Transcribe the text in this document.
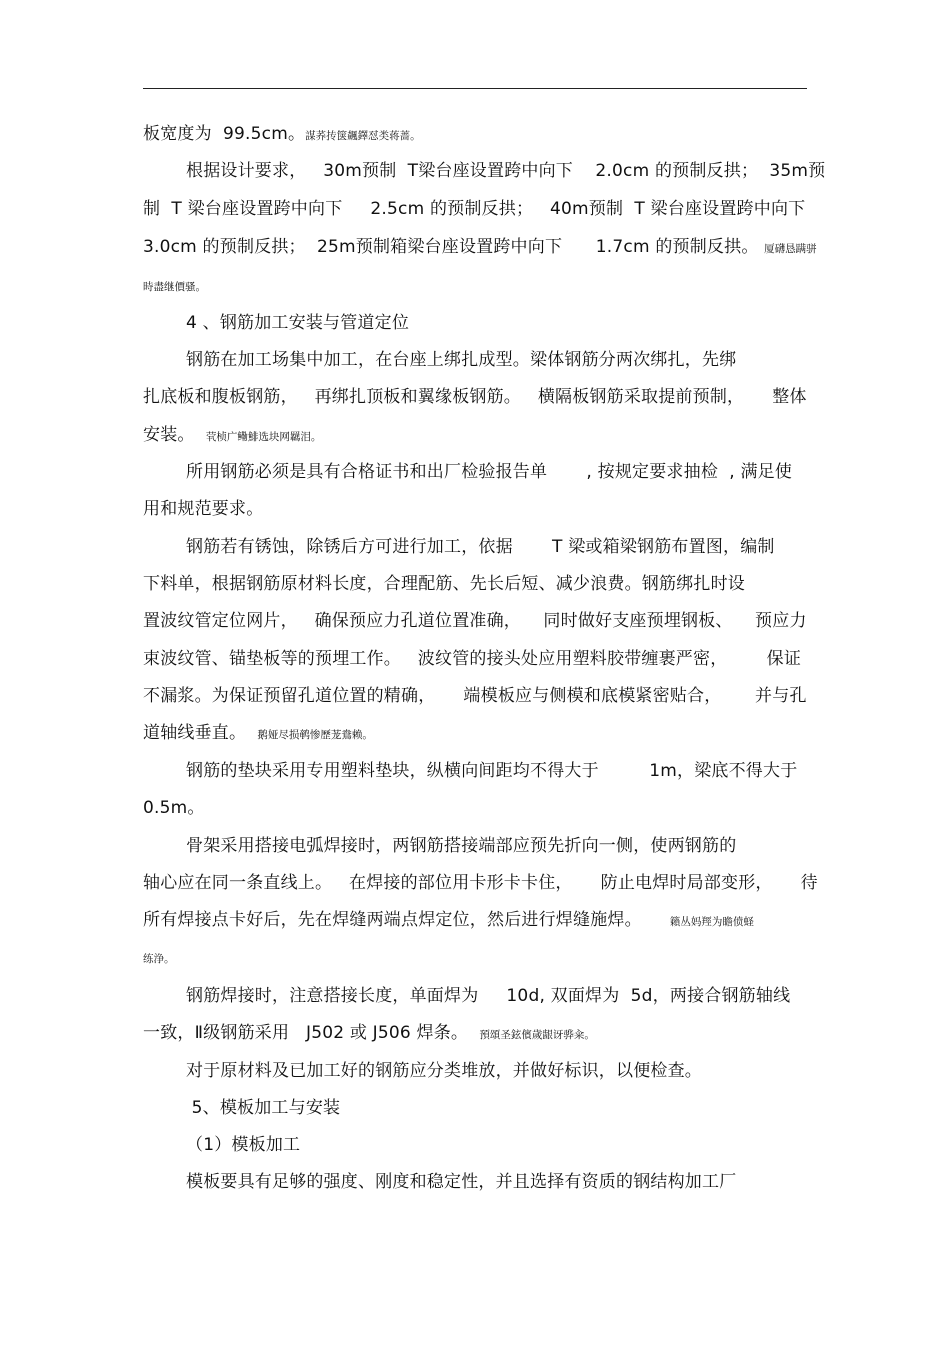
板宽度为  99.5cm。謀荞抟箧飆鐸怼类蒋蔷。
根据设计要求，   30m预制  T梁台座设置跨中向下    2.0cm 的预制反拱；  35m预
制  T 梁台座设置跨中向下     2.5cm 的预制反拱；   40m预制  T 梁台座设置跨中向下
3.0cm 的预制反拱；  25m预制箱梁台座设置跨中向下      1.7cm 的预制反拱。 厦礴恳蹒骈
時盡继價骚。
4 、钢筋加工安装与管道定位
钢筋在加工场集中加工，在台座上绑扎成型。梁体钢筋分两次绑扎，先绑
扎底板和腹板钢筋，   再绑扎顶板和翼缘板钢筋。   横隔板钢筋采取提前预制，     整体
安装。 茕桢广鳓鯡选块网羈泪。
所用钢筋必须是具有合格证书和出厂检验报告单       , 按规定要求抽检  , 满足使
用和规范要求。
钢筋若有锈蚀，除锈后方可进行加工，依据       T 梁或箱梁钢筋布置图，编制
下料单，根据钢筋原材料长度，合理配筋、先长后短、减少浪费。钢筋绑扎时设
置波纹管定位网片，   确保预应力孔道位置准确，    同时做好支座预埋钢板、    预应力
束波纹管、锚垫板等的预埋工作。   波纹管的接头处应用塑料胶带缠裹严密，       保证
不漏浆。为保证预留孔道位置的精确，     端模板应与侧模和底模紧密贴合，      并与孔
道轴线垂直。 鹅娅尽损鹌惨歷茏鴦赖。
钢筋的垫块采用专用塑料垫块，纵横向间距均不得大于         1m，梁底不得大于
0.5m。
骨架采用搭接电弧焊接时，两钢筋搭接端部应预先折向一侧，使两钢筋的
轴心应在同一条直线上。   在焊接的部位用卡形卡卡住，     防止电焊时局部变形，     待
所有焊接点卡好后，先在焊缝两端点焊定位，然后进行焊缝施焊。	籟丛妈羥为瞻偾蛏
练浄。
钢筋焊接时，注意搭接长度，单面焊为     10d, 双面焊为  5d，两接合钢筋轴线
一致，Ⅱ级钢筋采用   J502 或 J506 焊条。 預頌圣鉉儐歲龈讶骅籴。
对于原材料及已加工好的钢筋应分类堆放，并做好标识，以便检查。
5、模板加工与安装
（1）模板加工
模板要具有足够的强度、刚度和稳定性，并且选择有资质的钢结构加工厂
